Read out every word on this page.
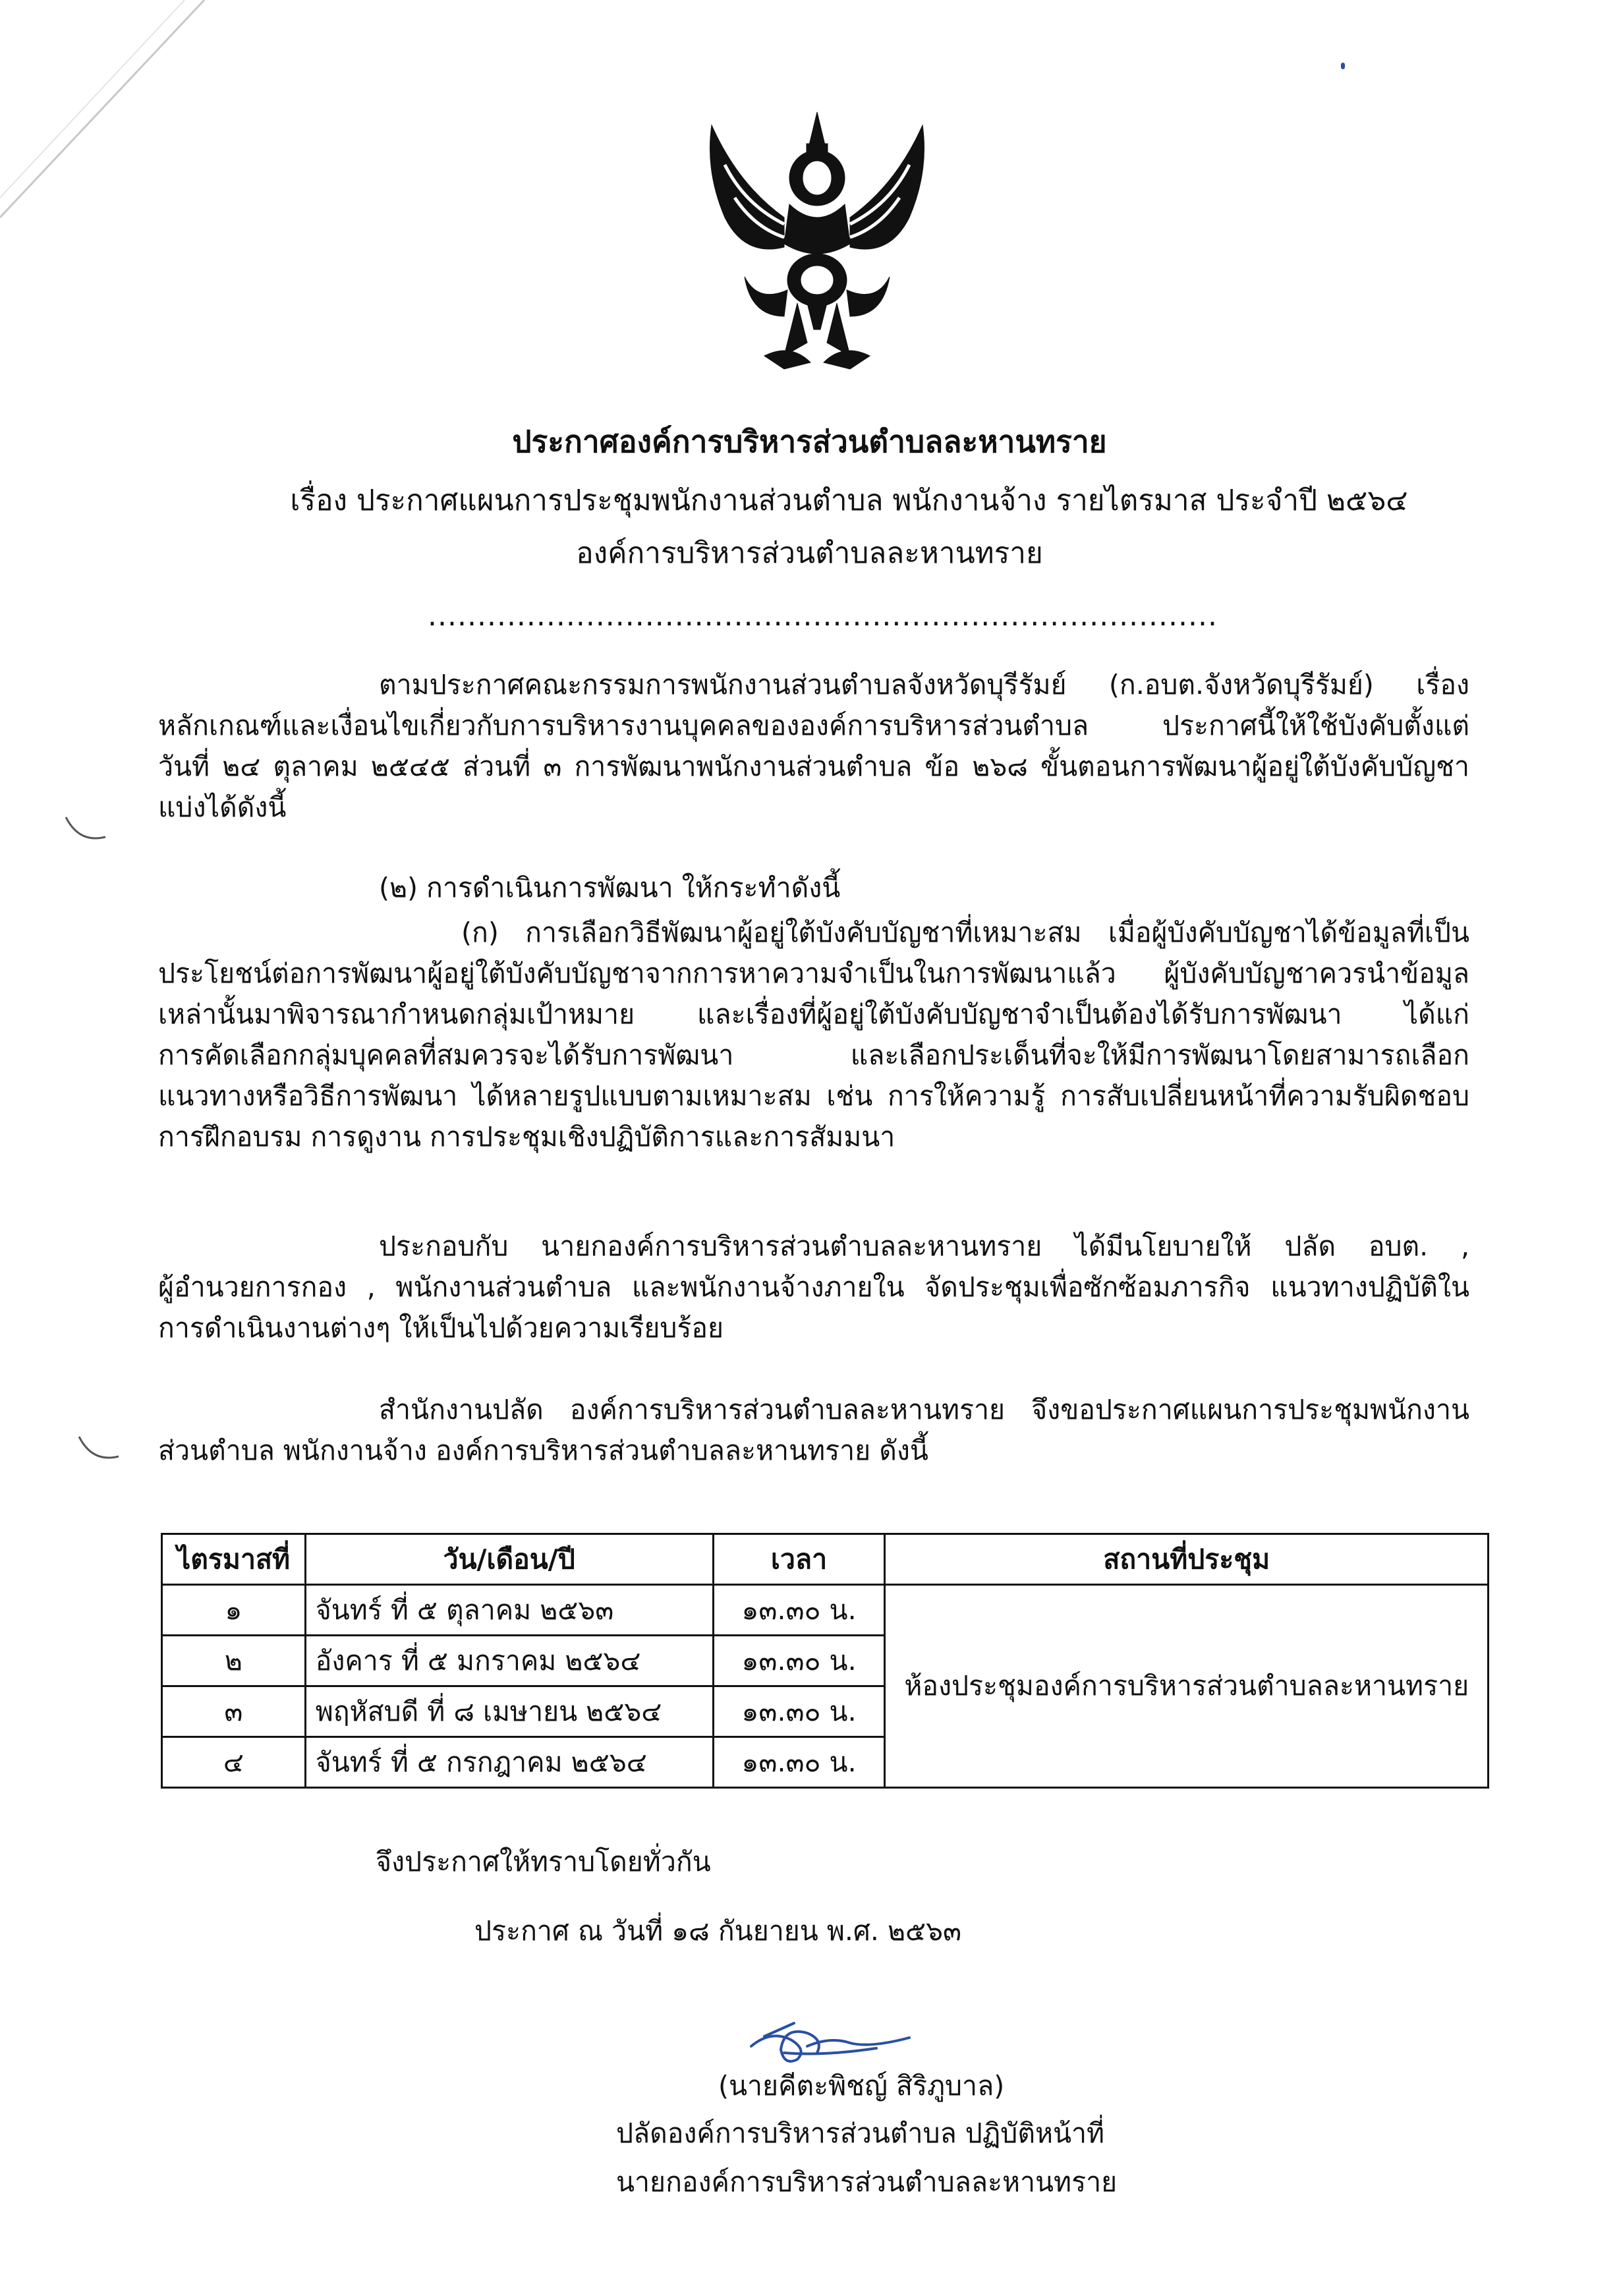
ประกาศองค์การบริหารส่วนตำบลละหานทราย
เรื่อง ประกาศแผนการประชุมพนักงานส่วนตำบล พนักงานจ้าง รายไตรมาส ประจำปี ๒๕๖๔
องค์การบริหารส่วนตำบลละหานทราย
................................................................................
ตามประกาศคณะกรรมการพนักงานส่วนตำบลจังหวัดบุรีรัมย์ (ก.อบต.จังหวัดบุรีรัมย์) เรื่อง
หลักเกณฑ์และเงื่อนไขเกี่ยวกับการบริหารงานบุคคลขององค์การบริหารส่วนตำบล ประกาศนี้ให้ใช้บังคับตั้งแต่
วันที่ ๒๔ ตุลาคม ๒๕๔๕ ส่วนที่ ๓ การพัฒนาพนักงานส่วนตำบล ข้อ ๒๖๘ ขั้นตอนการพัฒนาผู้อยู่ใต้บังคับบัญชา
แบ่งได้ดังนี้
(๒) การดำเนินการพัฒนา ให้กระทำดังนี้
(ก) การเลือกวิธีพัฒนาผู้อยู่ใต้บังคับบัญชาที่เหมาะสม เมื่อผู้บังคับบัญชาได้ข้อมูลที่เป็น
ประโยชน์ต่อการพัฒนาผู้อยู่ใต้บังคับบัญชาจากการหาความจำเป็นในการพัฒนาแล้ว ผู้บังคับบัญชาควรนำข้อมูล
เหล่านั้นมาพิจารณากำหนดกลุ่มเป้าหมาย และเรื่องที่ผู้อยู่ใต้บังคับบัญชาจำเป็นต้องได้รับการพัฒนา ได้แก่
การคัดเลือกกลุ่มบุคคลที่สมควรจะได้รับการพัฒนา และเลือกประเด็นที่จะให้มีการพัฒนาโดยสามารถเลือก
แนวทางหรือวิธีการพัฒนา ได้หลายรูปแบบตามเหมาะสม เช่น การให้ความรู้ การสับเปลี่ยนหน้าที่ความรับผิดชอบ
การฝึกอบรม การดูงาน การประชุมเชิงปฏิบัติการและการสัมมนา
ประกอบกับ นายกองค์การบริหารส่วนตำบลละหานทราย ได้มีนโยบายให้ ปลัด อบต. ,
ผู้อำนวยการกอง , พนักงานส่วนตำบล และพนักงานจ้างภายใน จัดประชุมเพื่อซักซ้อมภารกิจ แนวทางปฏิบัติใน
การดำเนินงานต่างๆ ให้เป็นไปด้วยความเรียบร้อย
สำนักงานปลัด องค์การบริหารส่วนตำบลละหานทราย จึงขอประกาศแผนการประชุมพนักงาน
ส่วนตำบล พนักงานจ้าง องค์การบริหารส่วนตำบลละหานทราย ดังนี้
ไตรมาสที่	วัน/เดือน/ปี	เวลา	สถานที่ประชุม
๑	จันทร์ ที่ ๕ ตุลาคม ๒๕๖๓	๑๓.๓๐ น.	ห้องประชุมองค์การบริหารส่วนตำบลละหานทราย
๒	อังคาร ที่ ๕ มกราคม ๒๕๖๔	๑๓.๓๐ น.	
๓	พฤหัสบดี ที่ ๘ เมษายน ๒๕๖๔	๑๓.๓๐ น.	
๔	จันทร์ ที่ ๕ กรกฎาคม ๒๕๖๔	๑๓.๓๐ น.	
จึงประกาศให้ทราบโดยทั่วกัน
ประกาศ ณ วันที่ ๑๘ กันยายน พ.ศ. ๒๕๖๓
(นายคีตะพิชญ์ สิริภูบาล)
ปลัดองค์การบริหารส่วนตำบล ปฏิบัติหน้าที่
นายกองค์การบริหารส่วนตำบลละหานทราย
